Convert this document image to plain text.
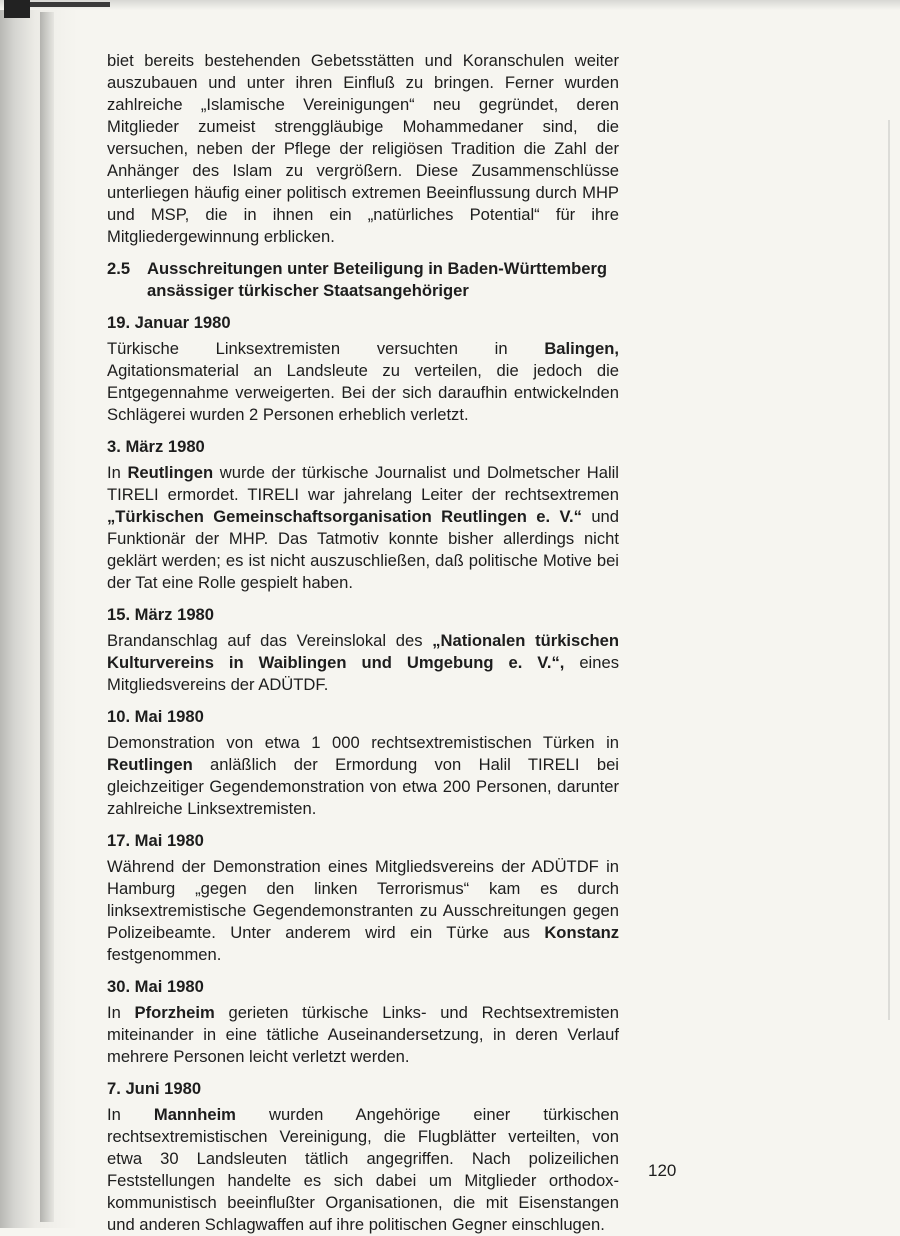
biet bereits bestehenden Gebetsstätten und Koranschulen weiter auszubauen und unter ihren Einfluß zu bringen. Ferner wurden zahlreiche „Islamische Vereinigungen“ neu gegründet, deren Mitglieder zumeist strenggläubige Mohammedaner sind, die versuchen, neben der Pflege der religiösen Tradition die Zahl der Anhänger des Islam zu vergrößern. Diese Zusammenschlüsse unterliegen häufig einer politisch extremen Beeinflussung durch MHP und MSP, die in ihnen ein „natürliches Potential“ für ihre Mitgliedergewinnung erblicken.

2.5	Ausschreitungen unter Beteiligung in Baden-Württemberg ansässiger türkischer Staatsangehöriger
19. Januar 1980

Türkische Linksextremisten versuchten in Balingen, Agitationsmaterial an Landsleute zu verteilen, die jedoch die Entgegennahme verweigerten. Bei der sich daraufhin entwickelnden Schlägerei wurden 2 Personen erheblich verletzt.

3. März 1980

In Reutlingen wurde der türkische Journalist und Dolmetscher Halil TIRELI ermordet. TIRELI war jahrelang Leiter der rechtsextremen „Türkischen Gemeinschaftsorganisation Reutlingen e. V.“ und Funktionär der MHP. Das Tatmotiv konnte bisher allerdings nicht geklärt werden; es ist nicht auszuschließen, daß politische Motive bei der Tat eine Rolle gespielt haben.

15. März 1980

Brandanschlag auf das Vereinslokal des „Nationalen türkischen Kulturvereins in Waiblingen und Umgebung e. V.“, eines Mitgliedsvereins der ADÜTDF.

10. Mai 1980

Demonstration von etwa 1 000 rechtsextremistischen Türken in Reutlingen anläßlich der Ermordung von Halil TIRELI bei gleichzeitiger Gegendemonstration von etwa 200 Personen, darunter zahlreiche Linksextremisten.

17. Mai 1980

Während der Demonstration eines Mitgliedsvereins der ADÜTDF in Hamburg „gegen den linken Terrorismus“ kam es durch linksextremistische Gegendemonstranten zu Ausschreitungen gegen Polizeibeamte. Unter anderem wird ein Türke aus Konstanz festgenommen.

30. Mai 1980

In Pforzheim gerieten türkische Links- und Rechtsextremisten miteinander in eine tätliche Auseinandersetzung, in deren Verlauf mehrere Personen leicht verletzt werden.

7. Juni 1980

In Mannheim wurden Angehörige einer türkischen rechtsextremistischen Vereinigung, die Flugblätter verteilten, von etwa 30 Landsleuten tätlich angegriffen. Nach polizeilichen Feststellungen handelte es sich dabei um Mitglieder orthodox-kommunistisch beeinflußter Organisationen, die mit Eisenstangen und anderen Schlagwaffen auf ihre politischen Gegner einschlugen.

120
